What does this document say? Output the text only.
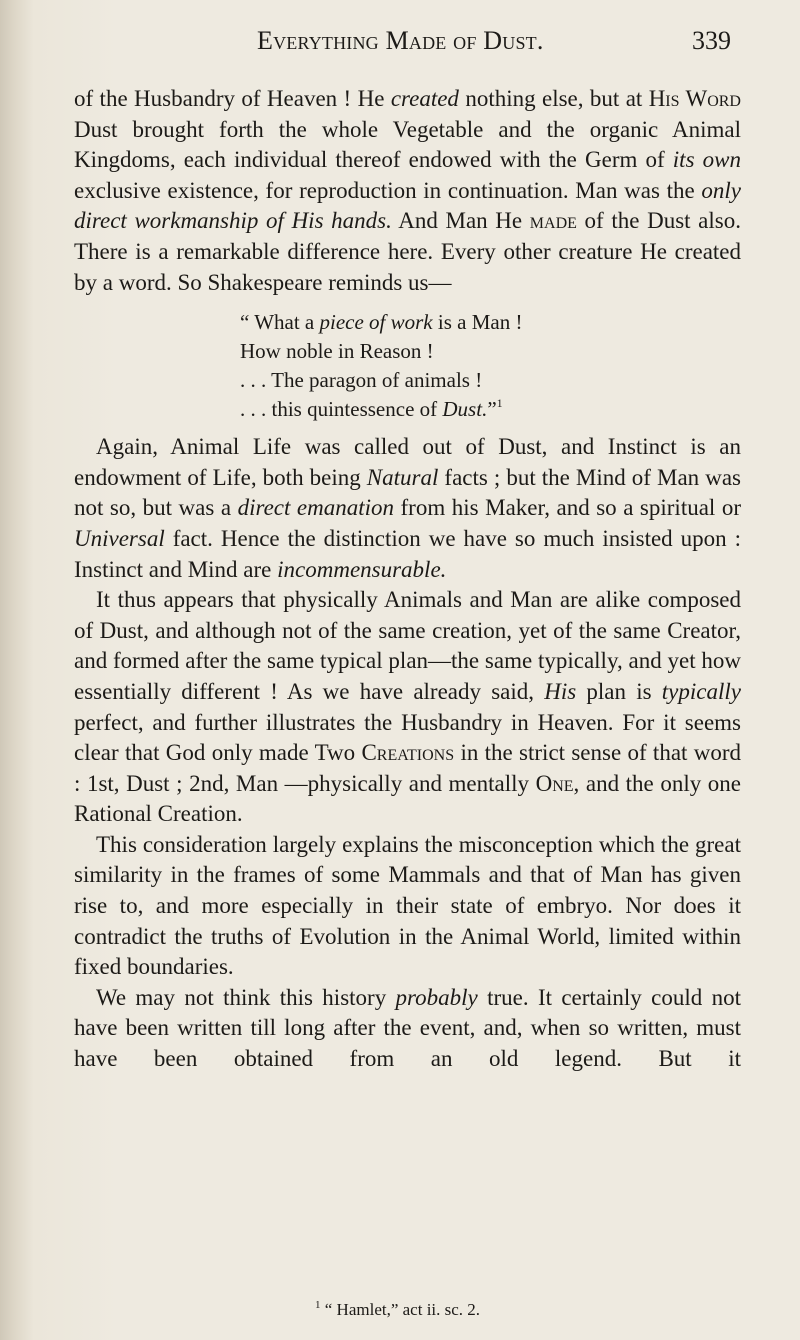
Everything Made of Dust.	339

of the Husbandry of Heaven ! He created nothing else, but at His Word Dust brought forth the whole Vegetable and the organic Animal Kingdoms, each individual thereof endowed with the Germ of its own exclusive existence, for reproduction in continuation. Man was the only direct workmanship of His hands. And Man He made of the Dust also. There is a remarkable difference here. Every other creature He created by a word. So Shakespeare reminds us—

“ What a piece of work is a Man !
How noble in Reason !
. . . The paragon of animals !
. . . this quintessence of Dust.”$^1$

Again, Animal Life was called out of Dust, and Instinct is an endowment of Life, both being Natural facts ; but the Mind of Man was not so, but was a direct emanation from his Maker, and so a spiritual or Universal fact. Hence the distinction we have so much insisted upon : Instinct and Mind are incommensurable.

It thus appears that physically Animals and Man are alike composed of Dust, and although not of the same creation, yet of the same Creator, and formed after the same typical plan—the same typically, and yet how essentially different ! As we have already said, His plan is typically perfect, and further illustrates the Husbandry in Heaven. For it seems clear that God only made Two Creations in the strict sense of that word : 1st, Dust ; 2nd, Man —physically and mentally One, and the only one Rational Creation.

This consideration largely explains the misconception which the great similarity in the frames of some Mammals and that of Man has given rise to, and more especially in their state of embryo. Nor does it contradict the truths of Evolution in the Animal World, limited within fixed boundaries.

We may not think this history probably true. It certainly could not have been written till long after the event, and, when so written, must have been obtained from an old legend. But it

$^1$ “ Hamlet,” act ii. sc. 2.
